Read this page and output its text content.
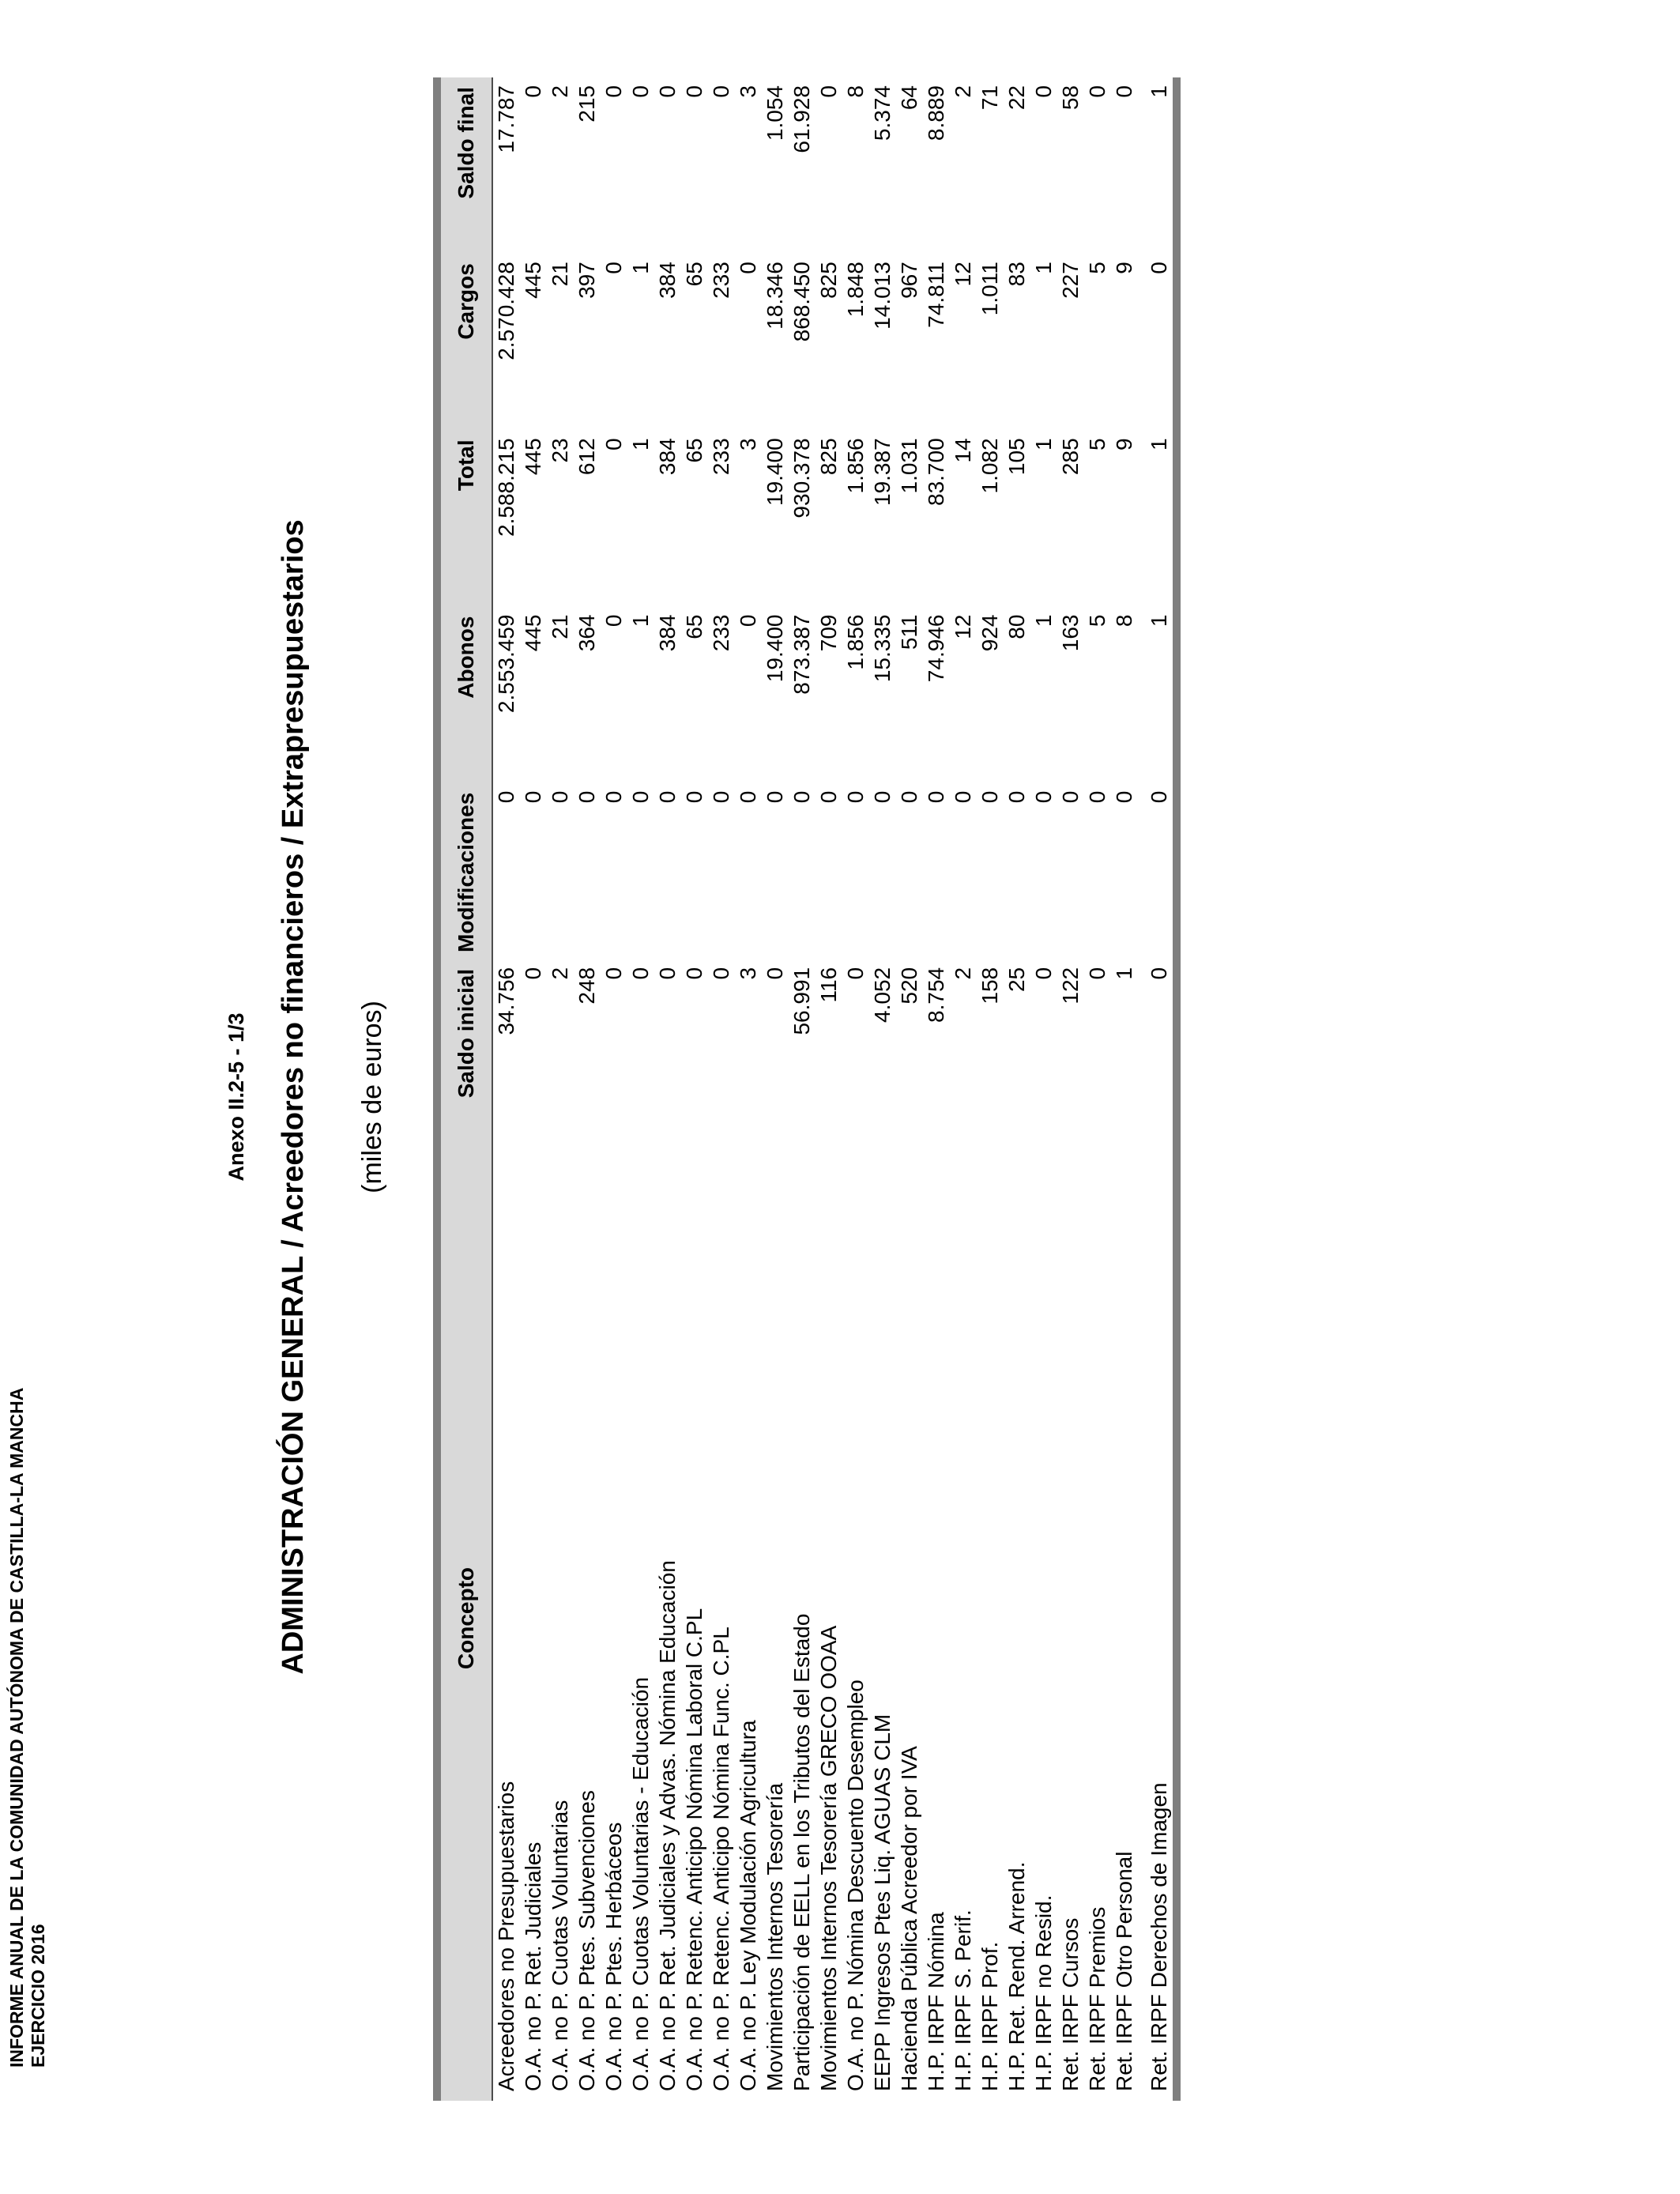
INFORME ANUAL DE LA COMUNIDAD AUTÓNOMA DE CASTILLA-LA MANCHA EJERCICIO 2016
Anexo II.2-5 - 1/3 ADMINISTRACIÓN GENERAL / Acreedores no financieros / Extrapresupuestarios (miles de euros)
Concepto	Saldo inicial	Modificaciones	Abonos	Total	Cargos	Saldo final
Acreedores no Presupuestarios	34.756	0	2.553.459	2.588.215	2.570.428	17.787
O.A. no P. Ret. Judiciales	0	0	445	445	445	0
O.A. no P. Cuotas Voluntarias	2	0	21	23	21	2
O.A. no P. Ptes. Subvenciones	248	0	364	612	397	215
O.A. no P. Ptes. Herbáceos	0	0	0	0	0	0
O.A. no P. Cuotas Voluntarias - Educación	0	0	1	1	1	0
O.A. no P. Ret. Judiciales y Advas. Nómina Educación	0	0	384	384	384	0
O.A. no P. Retenc. Anticipo Nómina Laboral C.PL	0	0	65	65	65	0
O.A. no P. Retenc. Anticipo Nómina Func. C.PL	0	0	233	233	233	0
O.A. no P. Ley Modulación Agricultura	3	0	0	3	0	3
Movimientos Internos Tesorería	0	0	19.400	19.400	18.346	1.054
Participación de EELL en los Tributos del Estado	56.991	0	873.387	930.378	868.450	61.928
Movimientos Internos Tesorería GRECO OOAA	116	0	709	825	825	0
O.A. no P. Nómina Descuento Desempleo	0	0	1.856	1.856	1.848	8
EEPP Ingresos Ptes Liq. AGUAS CLM	4.052	0	15.335	19.387	14.013	5.374
Hacienda Pública Acreedor por IVA	520	0	511	1.031	967	64
H.P. IRPF Nómina	8.754	0	74.946	83.700	74.811	8.889
H.P. IRPF S. Perif.	2	0	12	14	12	2
H.P. IRPF Prof.	158	0	924	1.082	1.011	71
H.P. Ret. Rend. Arrend.	25	0	80	105	83	22
H.P. IRPF no Resid.	0	0	1	1	1	0
Ret. IRPF Cursos	122	0	163	285	227	58
Ret. IRPF Premios	0	0	5	5	5	0
Ret. IRPF Otro Personal	1	0	8	9	9	0
Ret. IRPF Derechos de Imagen	0	0	1	1	0	1
